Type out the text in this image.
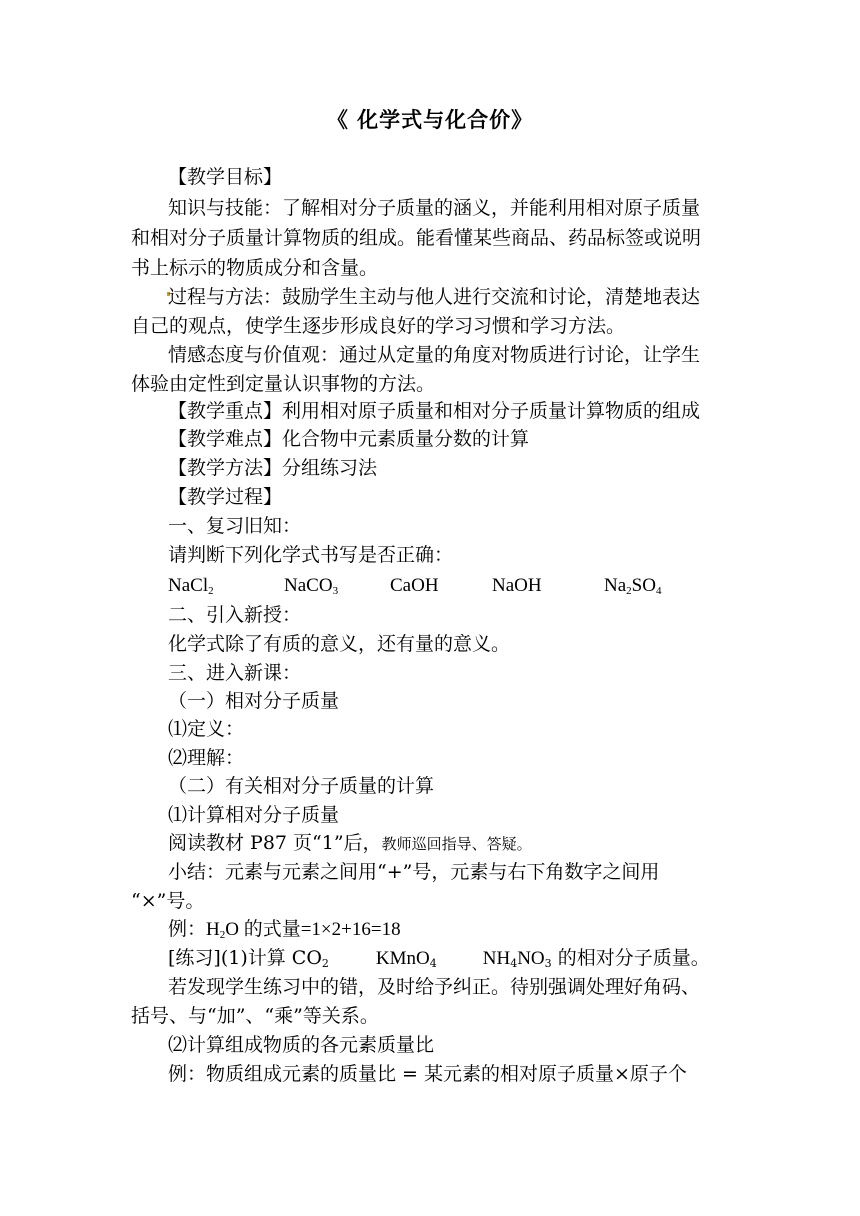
《 化学式与化合价》
【教学目标】
知识与技能：了解相对分子质量的涵义，并能利用相对原子质量
和相对分子质量计算物质的组成。能看懂某些商品、药品标签或说明
书上标示的物质成分和含量。
过程与方法：鼓励学生主动与他人进行交流和讨论，清楚地表达
自己的观点，使学生逐步形成良好的学习习惯和学习方法。
情感态度与价值观：通过从定量的角度对物质进行讨论，让学生
体验由定性到定量认识事物的方法。
【教学重点】利用相对原子质量和相对分子质量计算物质的组成
【教学难点】化合物中元素质量分数的计算
【教学方法】分组练习法
【教学过程】
一、复习旧知：
请判断下列化学式书写是否正确：
NaCl$_2$	NaCO$_3$	CaOH	NaOH	$Na_2SO_4$
二、引入新授：
化学式除了有质的意义，还有量的意义。
三、进入新课：
（一）相对分子质量
⑴定义：
⑵理解：
（二）有关相对分子质量的计算
⑴计算相对分子质量
阅读教材 P87 页“1”后，教师巡回指导、答疑。
小结：元素与元素之间用“+”号，元素与右下角数字之间用
“×”号。
例：$H_2O$ 的式量=1×2+16=18
[练习](1)计算 $CO_2$ KMnO$_4$ $NH_4NO_3$ 的相对分子质量。
若发现学生练习中的错，及时给予纠正。待别强调处理好角码、
括号、与“加”、“乘”等关系。
⑵计算组成物质的各元素质量比
例：物质组成元素的质量比 = 某元素的相对原子质量×原子个
